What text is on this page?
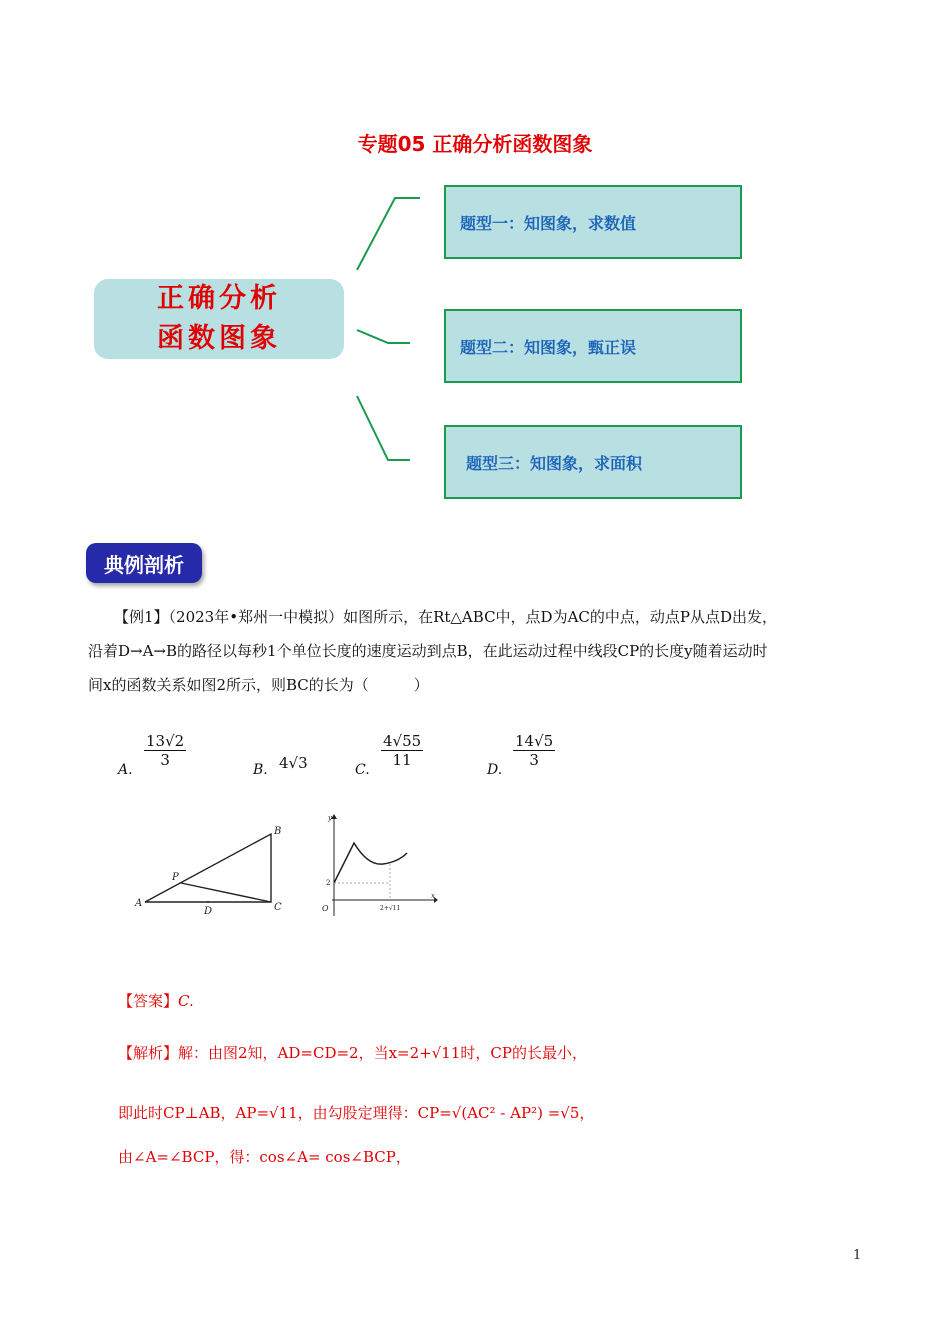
专题05 正确分析函数图象
正确分析
函数图象
题型一：知图象，求数值
题型二：知图象，甄正误
题型三：知图象，求面积
典例剖析
【例1】（2023年•郑州一中模拟）如图所示，在Rt△ABC中，点D为AC的中点，动点P从点D出发，
沿着D→A→B的路径以每秒1个单位长度的速度运动到点B，在此运动过程中线段CP的长度y随着运动时
间x的函数关系如图2所示，则BC的长为（　　　）
A.
$\frac{13√2}{3}$
B. 4√3	C.
$\frac{4√55}{11}$
D.
$\frac{14√5}{3}$
A
B
C
D
P
y
x
O
2
2+√11
【答案】C.
【解析】解：由图2知，AD=CD=2，当x=2+√11时，CP的长最小，
即此时CP⊥AB，AP=√11，由勾股定理得：CP=√(AC² - AP²) =√5，
由∠A=∠BCP，得：cos∠A= cos∠BCP，
1
